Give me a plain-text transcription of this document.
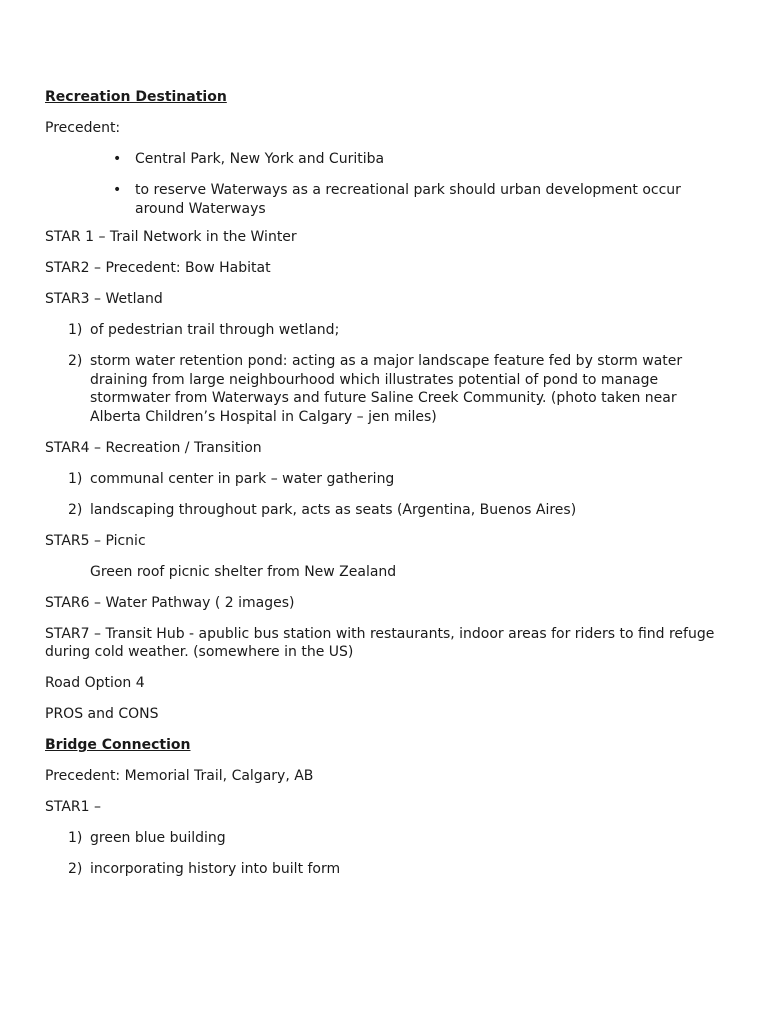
Recreation Destination
Precedent:
• Central Park, New York and Curitiba
• to reserve Waterways as a recreational park should urban development occur around Waterways
STAR 1 – Trail Network in the Winter
STAR2 – Precedent: Bow Habitat
STAR3 – Wetland
1) of pedestrian trail through wetland;
2) storm water retention pond: acting as a major landscape feature fed by storm water draining from large neighbourhood which illustrates potential of pond to manage stormwater from Waterways and future Saline Creek Community. (photo taken near Alberta Children’s Hospital in Calgary – jen miles)
STAR4 – Recreation / Transition
1) communal center in park – water gathering
2) landscaping throughout park, acts as seats (Argentina, Buenos Aires)
STAR5 – Picnic
Green roof picnic shelter from New Zealand
STAR6 – Water Pathway ( 2 images)
STAR7 – Transit Hub - apublic bus station with restaurants, indoor areas for riders to find refuge during cold weather. (somewhere in the US)
Road Option 4
PROS and CONS
Bridge Connection
Precedent: Memorial Trail, Calgary, AB
STAR1 –
1) green blue building
2) incorporating history into built form
